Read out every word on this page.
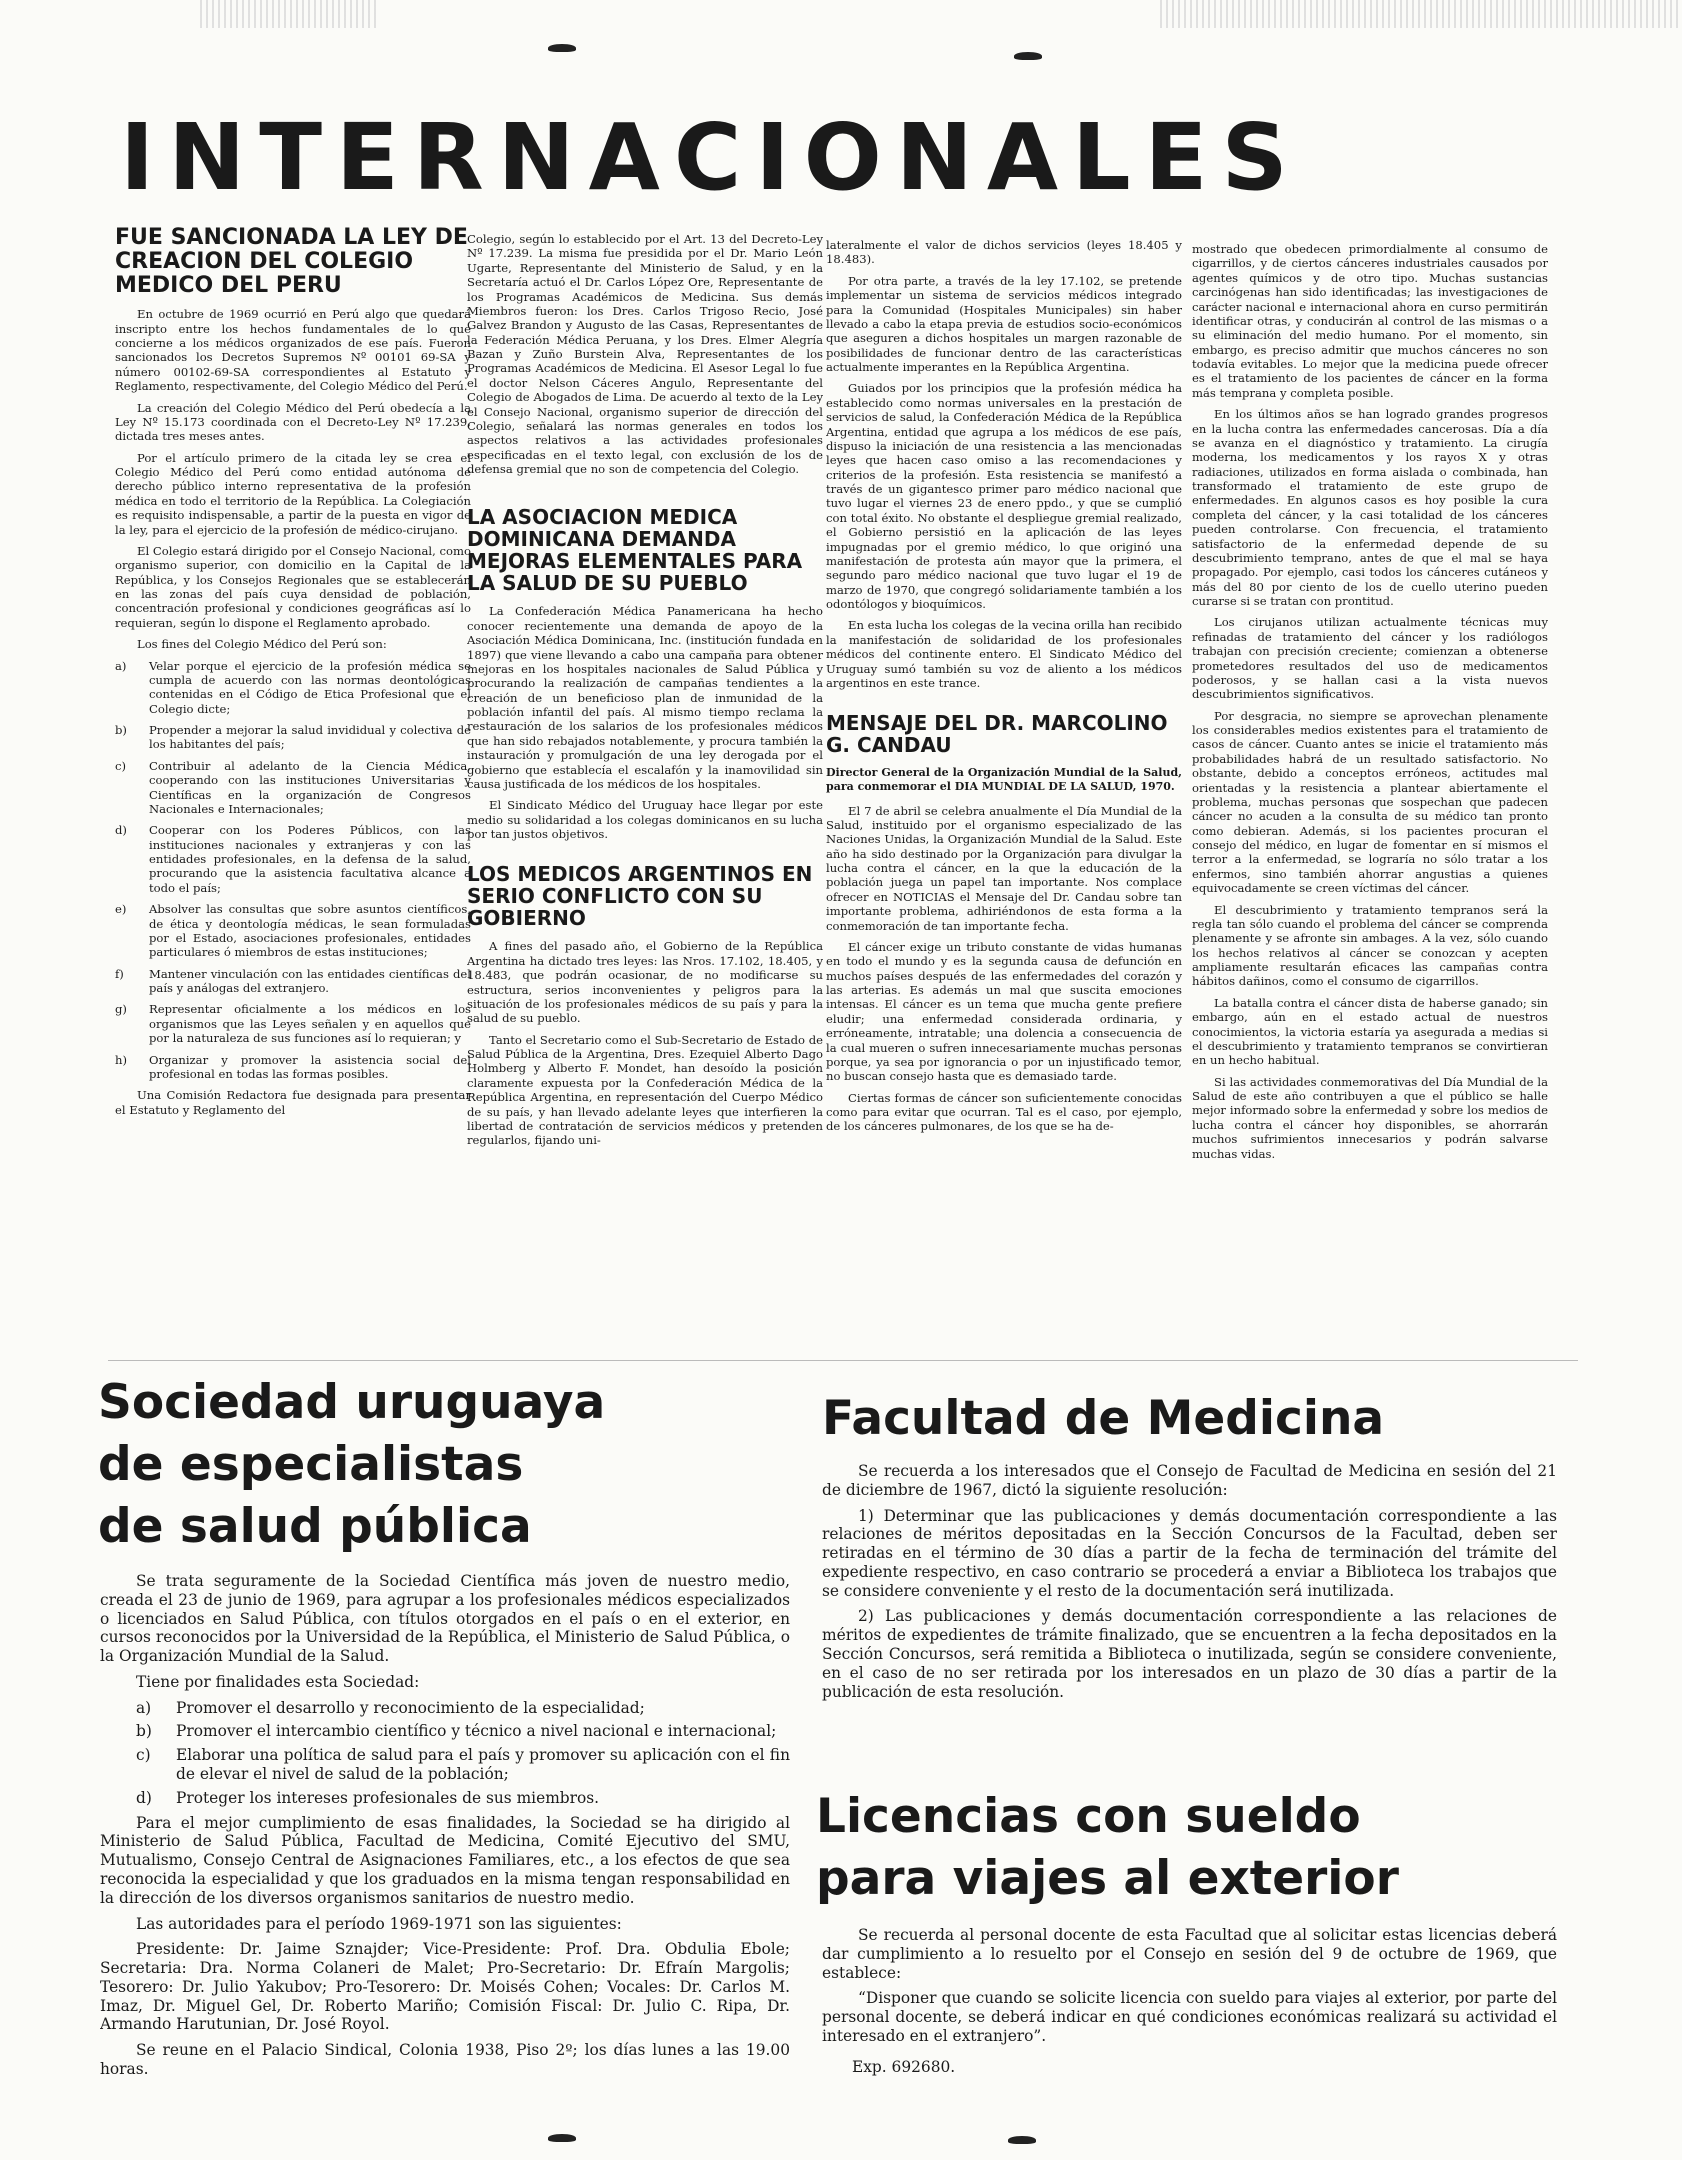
INTERNACIONALES
FUE SANCIONADA LA LEY DE CREACION DEL COLEGIO MEDICO DEL PERU

En octubre de 1969 ocurrió en Perú algo que quedará inscripto entre los hechos fundamentales de lo que concierne a los médicos organizados de ese país. Fueron sancionados los Decretos Supremos Nº 00101 69-SA y número 00102-69-SA correspondientes al Estatuto y Reglamento, respectivamente, del Colegio Médico del Perú.

La creación del Colegio Médico del Perú obedecía a la Ley Nº 15.173 coordinada con el Decreto-Ley Nº 17.239, dictada tres meses antes.

Por el artículo primero de la citada ley se crea el Colegio Médico del Perú como entidad autónoma de derecho público interno representativa de la profesión médica en todo el territorio de la República. La Colegiación es requisito indispensable, a partir de la puesta en vigor de la ley, para el ejercicio de la profesión de médico-cirujano.

El Colegio estará dirigido por el Consejo Nacional, como organismo superior, con domicilio en la Capital de la República, y los Consejos Regionales que se establecerán en las zonas del país cuya densidad de población, concentración profesional y condiciones geográficas así lo requieran, según lo dispone el Reglamento aprobado.

Los fines del Colegio Médico del Perú son:

a)	Velar porque el ejercicio de la profesión médica se cumpla de acuerdo con las normas deontológicas contenidas en el Código de Etica Profesional que el Colegio dicte;
b)	Propender a mejorar la salud invididual y colectiva de los habitantes del país;
c)	Contribuir al adelanto de la Ciencia Médica, cooperando con las instituciones Universitarias y Científicas en la organización de Congresos Nacionales e Internacionales;
d)	Cooperar con los Poderes Públicos, con las instituciones nacionales y extranjeras y con las entidades profesionales, en la defensa de la salud, procurando que la asistencia facultativa alcance a todo el país;
e)	Absolver las consultas que sobre asuntos científicos, de ética y deontología médicas, le sean formuladas por el Estado, asociaciones profesionales, entidades particulares ó miembros de estas instituciones;
f)	Mantener vinculación con las entidades científicas del país y análogas del extranjero.
g)	Representar oficialmente a los médicos en los organismos que las Leyes señalen y en aquellos que por la naturaleza de sus funciones así lo requieran; y
h)	Organizar y promover la asistencia social del profesional en todas las formas posibles.

Una Comisión Redactora fue designada para presentar el Estatuto y Reglamento del

Colegio, según lo establecido por el Art. 13 del Decreto-Ley Nº 17.239. La misma fue presidida por el Dr. Mario León Ugarte, Representante del Ministerio de Salud, y en la Secretaría actuó el Dr. Carlos López Ore, Representante de los Programas Académicos de Medicina. Sus demás Miembros fueron: los Dres. Carlos Trigoso Recio, José Galvez Brandon y Augusto de las Casas, Representantes de la Federación Médica Peruana, y los Dres. Elmer Alegría Bazan y Zuño Burstein Alva, Representantes de los Programas Académicos de Medicina. El Asesor Legal lo fue el doctor Nelson Cáceres Angulo, Representante del Colegio de Abogados de Lima. De acuerdo al texto de la Ley el Consejo Nacional, organismo superior de dirección del Colegio, señalará las normas generales en todos los aspectos relativos a las actividades profesionales especificadas en el texto legal, con exclusión de los de defensa gremial que no son de competencia del Colegio.

LA ASOCIACION MEDICA DOMINICANA DEMANDA MEJORAS ELEMENTALES PARA LA SALUD DE SU PUEBLO

La Confederación Médica Panamericana ha hecho conocer recientemente una demanda de apoyo de la Asociación Médica Dominicana, Inc. (institución fundada en 1897) que viene llevando a cabo una campaña para obtener mejoras en los hospitales nacionales de Salud Pública y procurando la realización de campañas tendientes a la creación de un beneficioso plan de inmunidad de la población infantil del país. Al mismo tiempo reclama la restauración de los salarios de los profesionales médicos que han sido rebajados notablemente, y procura también la instauración y promulgación de una ley derogada por el gobierno que establecía el escalafón y la inamovilidad sin causa justificada de los médicos de los hospitales.

El Sindicato Médico del Uruguay hace llegar por este medio su solidaridad a los colegas dominicanos en su lucha por tan justos objetivos.

LOS MEDICOS ARGENTINOS EN SERIO CONFLICTO CON SU GOBIERNO

A fines del pasado año, el Gobierno de la República Argentina ha dictado tres leyes: las Nros. 17.102, 18.405, y 18.483, que podrán ocasionar, de no modificarse su estructura, serios inconvenientes y peligros para la situación de los profesionales médicos de su país y para la salud de su pueblo.

Tanto el Secretario como el Sub-Secretario de Estado de Salud Pública de la Argentina, Dres. Ezequiel Alberto Dago Holmberg y Alberto F. Mondet, han desoído la posición claramente expuesta por la Confederación Médica de la República Argentina, en representación del Cuerpo Médico de su país, y han llevado adelante leyes que interfieren la libertad de contratación de servicios médicos y pretenden regularlos, fijando uni-

lateralmente el valor de dichos servicios (leyes 18.405 y 18.483).

Por otra parte, a través de la ley 17.102, se pretende implementar un sistema de servicios médicos integrado para la Comunidad (Hospitales Municipales) sin haber llevado a cabo la etapa previa de estudios socio-económicos que aseguren a dichos hospitales un margen razonable de posibilidades de funcionar dentro de las características actualmente imperantes en la República Argentina.

Guiados por los principios que la profesión médica ha establecido como normas universales en la prestación de servicios de salud, la Confederación Médica de la República Argentina, entidad que agrupa a los médicos de ese país, dispuso la iniciación de una resistencia a las mencionadas leyes que hacen caso omiso a las recomendaciones y criterios de la profesión. Esta resistencia se manifestó a través de un gigantesco primer paro médico nacional que tuvo lugar el viernes 23 de enero ppdo., y que se cumplió con total éxito. No obstante el despliegue gremial realizado, el Gobierno persistió en la aplicación de las leyes impugnadas por el gremio médico, lo que originó una manifestación de protesta aún mayor que la primera, el segundo paro médico nacional que tuvo lugar el 19 de marzo de 1970, que congregó solidariamente también a los odontólogos y bioquímicos.

En esta lucha los colegas de la vecina orilla han recibido la manifestación de solidaridad de los profesionales médicos del continente entero. El Sindicato Médico del Uruguay sumó también su voz de aliento a los médicos argentinos en este trance.

MENSAJE DEL DR. MARCOLINO G. CANDAU

Director General de la Organización Mundial de la Salud, para conmemorar el DIA MUNDIAL DE LA SALUD, 1970.

El 7 de abril se celebra anualmente el Día Mundial de la Salud, instituido por el organismo especializado de las Naciones Unidas, la Organización Mundial de la Salud. Este año ha sido destinado por la Organización para divulgar la lucha contra el cáncer, en la que la educación de la población juega un papel tan importante. Nos complace ofrecer en NOTICIAS el Mensaje del Dr. Candau sobre tan importante problema, adhiriéndonos de esta forma a la conmemoración de tan importante fecha.

El cáncer exige un tributo constante de vidas humanas en todo el mundo y es la segunda causa de defunción en muchos países después de las enfermedades del corazón y las arterias. Es además un mal que suscita emociones intensas. El cáncer es un tema que mucha gente prefiere eludir; una enfermedad considerada ordinaria, y erróneamente, intratable; una dolencia a consecuencia de la cual mueren o sufren innecesariamente muchas personas porque, ya sea por ignorancia o por un injustificado temor, no buscan consejo hasta que es demasiado tarde.

Ciertas formas de cáncer son suficientemente conocidas como para evitar que ocurran. Tal es el caso, por ejemplo, de los cánceres pulmonares, de los que se ha de-

mostrado que obedecen primordialmente al consumo de cigarrillos, y de ciertos cánceres industriales causados por agentes químicos y de otro tipo. Muchas sustancias carcinógenas han sido identificadas; las investigaciones de carácter nacional e internacional ahora en curso permitirán identificar otras, y conducirán al control de las mismas o a su eliminación del medio humano. Por el momento, sin embargo, es preciso admitir que muchos cánceres no son todavía evitables. Lo mejor que la medicina puede ofrecer es el tratamiento de los pacientes de cáncer en la forma más temprana y completa posible.

En los últimos años se han logrado grandes progresos en la lucha contra las enfermedades cancerosas. Día a día se avanza en el diagnóstico y tratamiento. La cirugía moderna, los medicamentos y los rayos X y otras radiaciones, utilizados en forma aislada o combinada, han transformado el tratamiento de este grupo de enfermedades. En algunos casos es hoy posible la cura completa del cáncer, y la casi totalidad de los cánceres pueden controlarse. Con frecuencia, el tratamiento satisfactorio de la enfermedad depende de su descubrimiento temprano, antes de que el mal se haya propagado. Por ejemplo, casi todos los cánceres cutáneos y más del 80 por ciento de los de cuello uterino pueden curarse si se tratan con prontitud.

Los cirujanos utilizan actualmente técnicas muy refinadas de tratamiento del cáncer y los radiólogos trabajan con precisión creciente; comienzan a obtenerse prometedores resultados del uso de medicamentos poderosos, y se hallan casi a la vista nuevos descubrimientos significativos.

Por desgracia, no siempre se aprovechan plenamente los considerables medios existentes para el tratamiento de casos de cáncer. Cuanto antes se inicie el tratamiento más probabilidades habrá de un resultado satisfactorio. No obstante, debido a conceptos erróneos, actitudes mal orientadas y la resistencia a plantear abiertamente el problema, muchas personas que sospechan que padecen cáncer no acuden a la consulta de su médico tan pronto como debieran. Además, si los pacientes procuran el consejo del médico, en lugar de fomentar en sí mismos el terror a la enfermedad, se lograría no sólo tratar a los enfermos, sino también ahorrar angustias a quienes equivocadamente se creen víctimas del cáncer.

El descubrimiento y tratamiento tempranos será la regla tan sólo cuando el problema del cáncer se comprenda plenamente y se afronte sin ambages. A la vez, sólo cuando los hechos relativos al cáncer se conozcan y acepten ampliamente resultarán eficaces las campañas contra hábitos dañinos, como el consumo de cigarrillos.

La batalla contra el cáncer dista de haberse ganado; sin embargo, aún en el estado actual de nuestros conocimientos, la victoria estaría ya asegurada a medias si el descubrimiento y tratamiento tempranos se convirtieran en un hecho habitual.

Si las actividades conmemorativas del Día Mundial de la Salud de este año contribuyen a que el público se halle mejor informado sobre la enfermedad y sobre los medios de lucha contra el cáncer hoy disponibles, se ahorrarán muchos sufrimientos innecesarios y podrán salvarse muchas vidas.

Sociedad uruguaya
de especialistas
de salud pública

Se trata seguramente de la Sociedad Científica más joven de nuestro medio, creada el 23 de junio de 1969, para agrupar a los profesionales médicos especializados o licenciados en Salud Pública, con títulos otorgados en el país o en el exterior, en cursos reconocidos por la Universidad de la República, el Ministerio de Salud Pública, o la Organización Mundial de la Salud.

Tiene por finalidades esta Sociedad:

a)	Promover el desarrollo y reconocimiento de la especialidad;
b)	Promover el intercambio científico y técnico a nivel nacional e internacional;
c)	Elaborar una política de salud para el país y promover su aplicación con el fin de elevar el nivel de salud de la población;
d)	Proteger los intereses profesionales de sus miembros.

Para el mejor cumplimiento de esas finalidades, la Sociedad se ha dirigido al Ministerio de Salud Pública, Facultad de Medicina, Comité Ejecutivo del SMU, Mutualismo, Consejo Central de Asignaciones Familiares, etc., a los efectos de que sea reconocida la especialidad y que los graduados en la misma tengan responsabilidad en la dirección de los diversos organismos sanitarios de nuestro medio.

Las autoridades para el período 1969-1971 son las siguientes:

Presidente: Dr. Jaime Sznajder; Vice-Presidente: Prof. Dra. Obdulia Ebole; Secretaria: Dra. Norma Colaneri de Malet; Pro-Secretario: Dr. Efraín Margolis; Tesorero: Dr. Julio Yakubov; Pro-Tesorero: Dr. Moisés Cohen; Vocales: Dr. Carlos M. Imaz, Dr. Miguel Gel, Dr. Roberto Mariño; Comisión Fiscal: Dr. Julio C. Ripa, Dr. Armando Harutunian, Dr. José Royol.

Se reune en el Palacio Sindical, Colonia 1938, Piso 2º; los días lunes a las 19.00 horas.

Facultad de Medicina

Se recuerda a los interesados que el Consejo de Facultad de Medicina en sesión del 21 de diciembre de 1967, dictó la siguiente resolución:

1) Determinar que las publicaciones y demás documentación correspondiente a las relaciones de méritos depositadas en la Sección Concursos de la Facultad, deben ser retiradas en el término de 30 días a partir de la fecha de terminación del trámite del expediente respectivo, en caso contrario se procederá a enviar a Biblioteca los trabajos que se considere conveniente y el resto de la documentación será inutilizada.

2) Las publicaciones y demás documentación correspondiente a las relaciones de méritos de expedientes de trámite finalizado, que se encuentren a la fecha depositados en la Sección Concursos, será remitida a Biblioteca o inutilizada, según se considere conveniente, en el caso de no ser retirada por los interesados en un plazo de 30 días a partir de la publicación de esta resolución.

Licencias con sueldo
para viajes al exterior

Se recuerda al personal docente de esta Facultad que al solicitar estas licencias deberá dar cumplimiento a lo resuelto por el Consejo en sesión del 9 de octubre de 1969, que establece:

“Disponer que cuando se solicite licencia con sueldo para viajes al exterior, por parte del personal docente, se deberá indicar en qué condiciones económicas realizará su actividad el interesado en el extranjero”.

Exp. 692680.
